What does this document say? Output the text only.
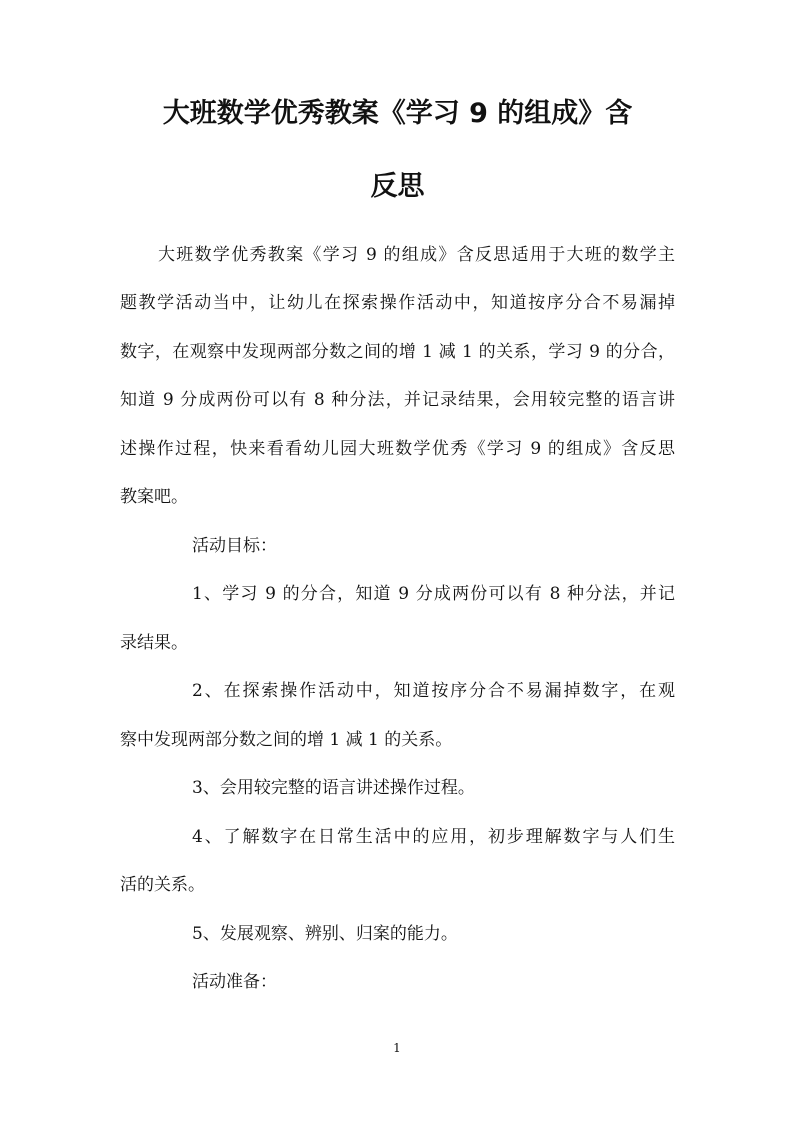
大班数学优秀教案《学习 9 的组成》含
反思

大班数学优秀教案《学习 9 的组成》含反思适用于大班的数学主

题教学活动当中，让幼儿在探索操作活动中，知道按序分合不易漏掉

数字，在观察中发现两部分数之间的增 1 减 1 的关系，学习 9 的分合，

知道 9 分成两份可以有 8 种分法，并记录结果，会用较完整的语言讲

述操作过程，快来看看幼儿园大班数学优秀《学习 9 的组成》含反思

教案吧。

活动目标：

1、学习 9 的分合，知道 9 分成两份可以有 8 种分法，并记

录结果。

2、在探索操作活动中，知道按序分合不易漏掉数字，在观

察中发现两部分数之间的增 1 减 1 的关系。

3、会用较完整的语言讲述操作过程。

4、了解数字在日常生活中的应用，初步理解数字与人们生

活的关系。

5、发展观察、辨别、归案的能力。

活动准备：

1
